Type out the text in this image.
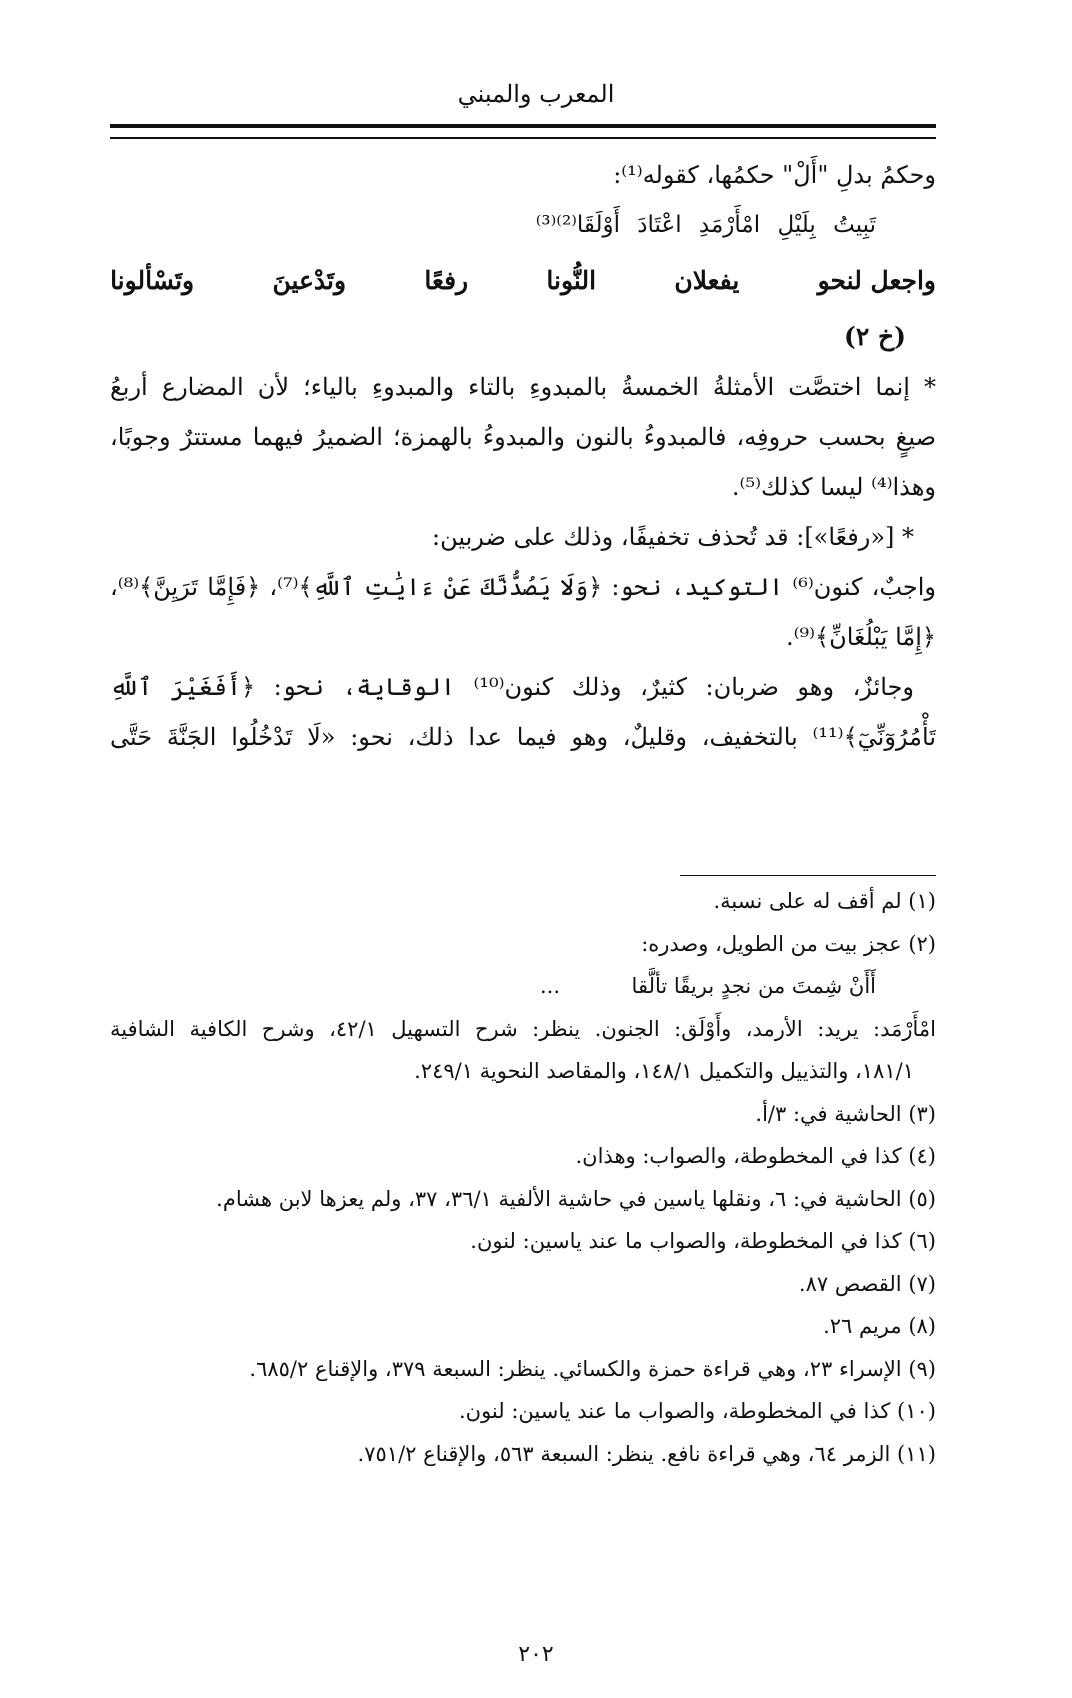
المعرب والمبني
وحكمُ بدلِ "أَلْ" حكمُها، كقوله⁽¹⁾:
تَبِيتُ بِلَيْلِ امْأَرْمَدِ اعْتَادَ أَوْلَقَا⁽²⁾⁽³⁾
واجعل لنحو
يفعلان
النُّونا
رفعًا
وتَدْعينَ
وتَسْألونا
(خ ٢)
* إنما اختصَّت الأمثلةُ الخمسةُ بالمبدوءِ بالتاء والمبدوءِ بالياء؛ لأن المضارع أربعُ
صيغٍ بحسب حروفِه، فالمبدوءُ بالنون والمبدوءُ بالهمزة؛ الضميرُ فيهما مستترٌ وجوبًا،
وهذا⁽⁴⁾ ليسا كذلك⁽⁵⁾.
* [«رفعًا»]: قد تُحذف تخفيفًا، وذلك على ضربين:
واجبٌ، كنون⁽⁶⁾ التوكيد، نحو: ﴿وَلَا يَصُدُّنَّكَ عَنْ ءَايَٰتِ ٱللَّهِ﴾⁽⁷⁾، ﴿فَإِمَّا تَرَيِنَّ﴾⁽⁸⁾،
﴿إِمَّا يَبْلُغَانِّ﴾⁽⁹⁾.
وجائزٌ، وهو ضربان: كثيرٌ، وذلك كنون⁽¹⁰⁾ الوقاية، نحو: ﴿أَفَغَيْرَ ٱللَّهِ
تَأْمُرُوٓنِّيٓ﴾⁽¹¹⁾ بالتخفيف، وقليلٌ، وهو فيما عدا ذلك، نحو: «لَا تَدْخُلُوا الجَنَّةَ حَتَّى
(١) لم أقف له على نسبة.
(٢) عجز بيت من الطويل، وصدره:
أَأَنْ شِمتَ من نجدٍ بريقًا تألَّقا
...
امْأَرْمَد: يريد: الأرمد، وأَوْلَق: الجنون. ينظر: شرح التسهيل ٤٢/١، وشرح الكافية الشافية
١٨١/١، والتذييل والتكميل ١٤٨/١، والمقاصد النحوية ٢٤٩/١.
(٣) الحاشية في: ٣/أ.
(٤) كذا في المخطوطة، والصواب: وهذان.
(٥) الحاشية في: ٦، ونقلها ياسين في حاشية الألفية ٣٦/١، ٣٧، ولم يعزها لابن هشام.
(٦) كذا في المخطوطة، والصواب ما عند ياسين: لنون.
(٧) القصص ٨٧.
(٨) مريم ٢٦.
(٩) الإسراء ٢٣، وهي قراءة حمزة والكسائي. ينظر: السبعة ٣٧٩، والإقناع ٦٨٥/٢.
(١٠) كذا في المخطوطة، والصواب ما عند ياسين: لنون.
(١١) الزمر ٦٤، وهي قراءة نافع. ينظر: السبعة ٥٦٣، والإقناع ٧٥١/٢.
٢٠٢
